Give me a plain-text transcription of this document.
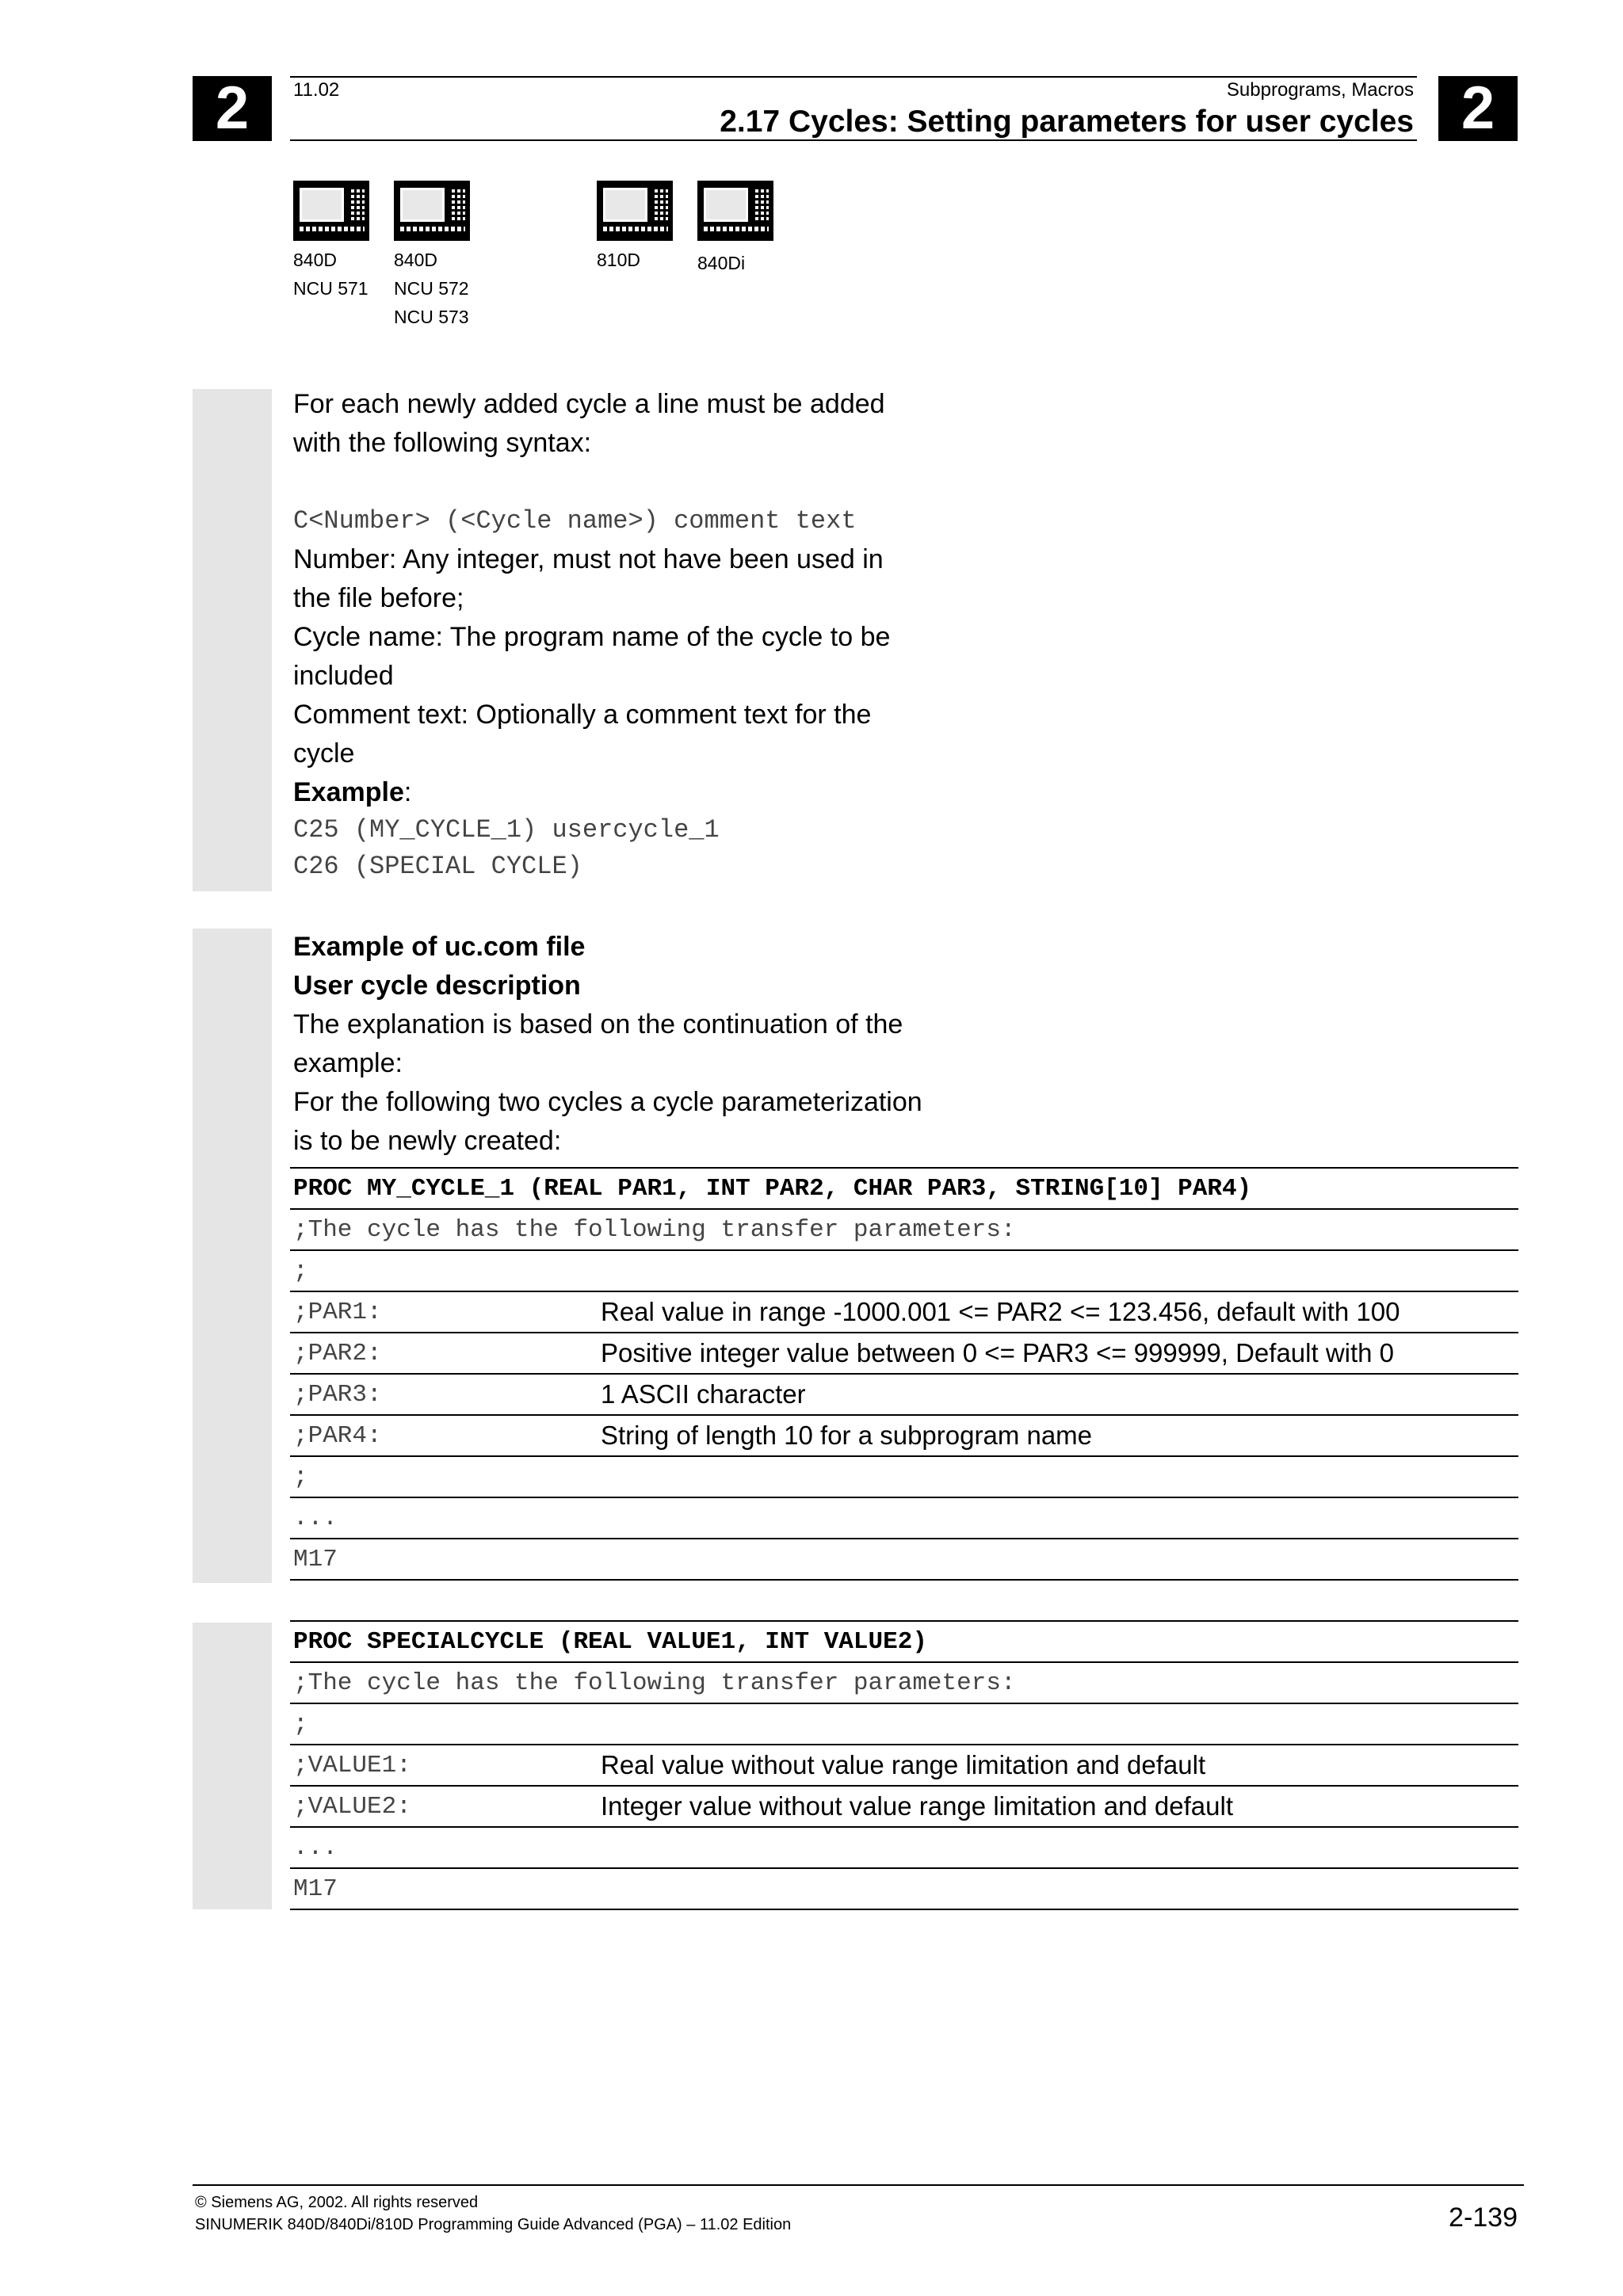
2	2
11.02	Subprograms, Macros
2.17 Cycles: Setting parameters for user cycles
840D
NCU 571
840D
NCU 572
NCU 573
810D	840Di
For each newly added cycle a line must be added
with the following syntax:
C<Number> (<Cycle name>) comment text
Number: Any integer, must not have been used in
the file before;
Cycle name: The program name of the cycle to be
included
Comment text: Optionally a comment text for the
cycle
Example:
C25 (MY_CYCLE_1) usercycle_1
C26 (SPECIAL CYCLE)
Example of uc.com file
User cycle description
The explanation is based on the continuation of the
example:
For the following two cycles a cycle parameterization
is to be newly created:
PROC MY_CYCLE_1 (REAL PAR1, INT PAR2, CHAR PAR3, STRING[10] PAR4)	
;The cycle has the following transfer parameters:	
;	
;PAR1:	Real value in range -1000.001 <= PAR2 <= 123.456, default with 100
;PAR2:	Positive integer value between 0 <= PAR3 <= 999999, Default with 0
;PAR3:	1 ASCII character
;PAR4:	String of length 10 for a subprogram name
;	
...	
M17	
PROC SPECIALCYCLE (REAL VALUE1, INT VALUE2)	
;The cycle has the following transfer parameters:	
;	
;VALUE1:	Real value without value range limitation and default
;VALUE2:	Integer value without value range limitation and default
...	
M17	
© Siemens AG, 2002. All rights reserved
SINUMERIK 840D/840Di/810D Programming Guide Advanced (PGA) – 11.02 Edition	2-139
